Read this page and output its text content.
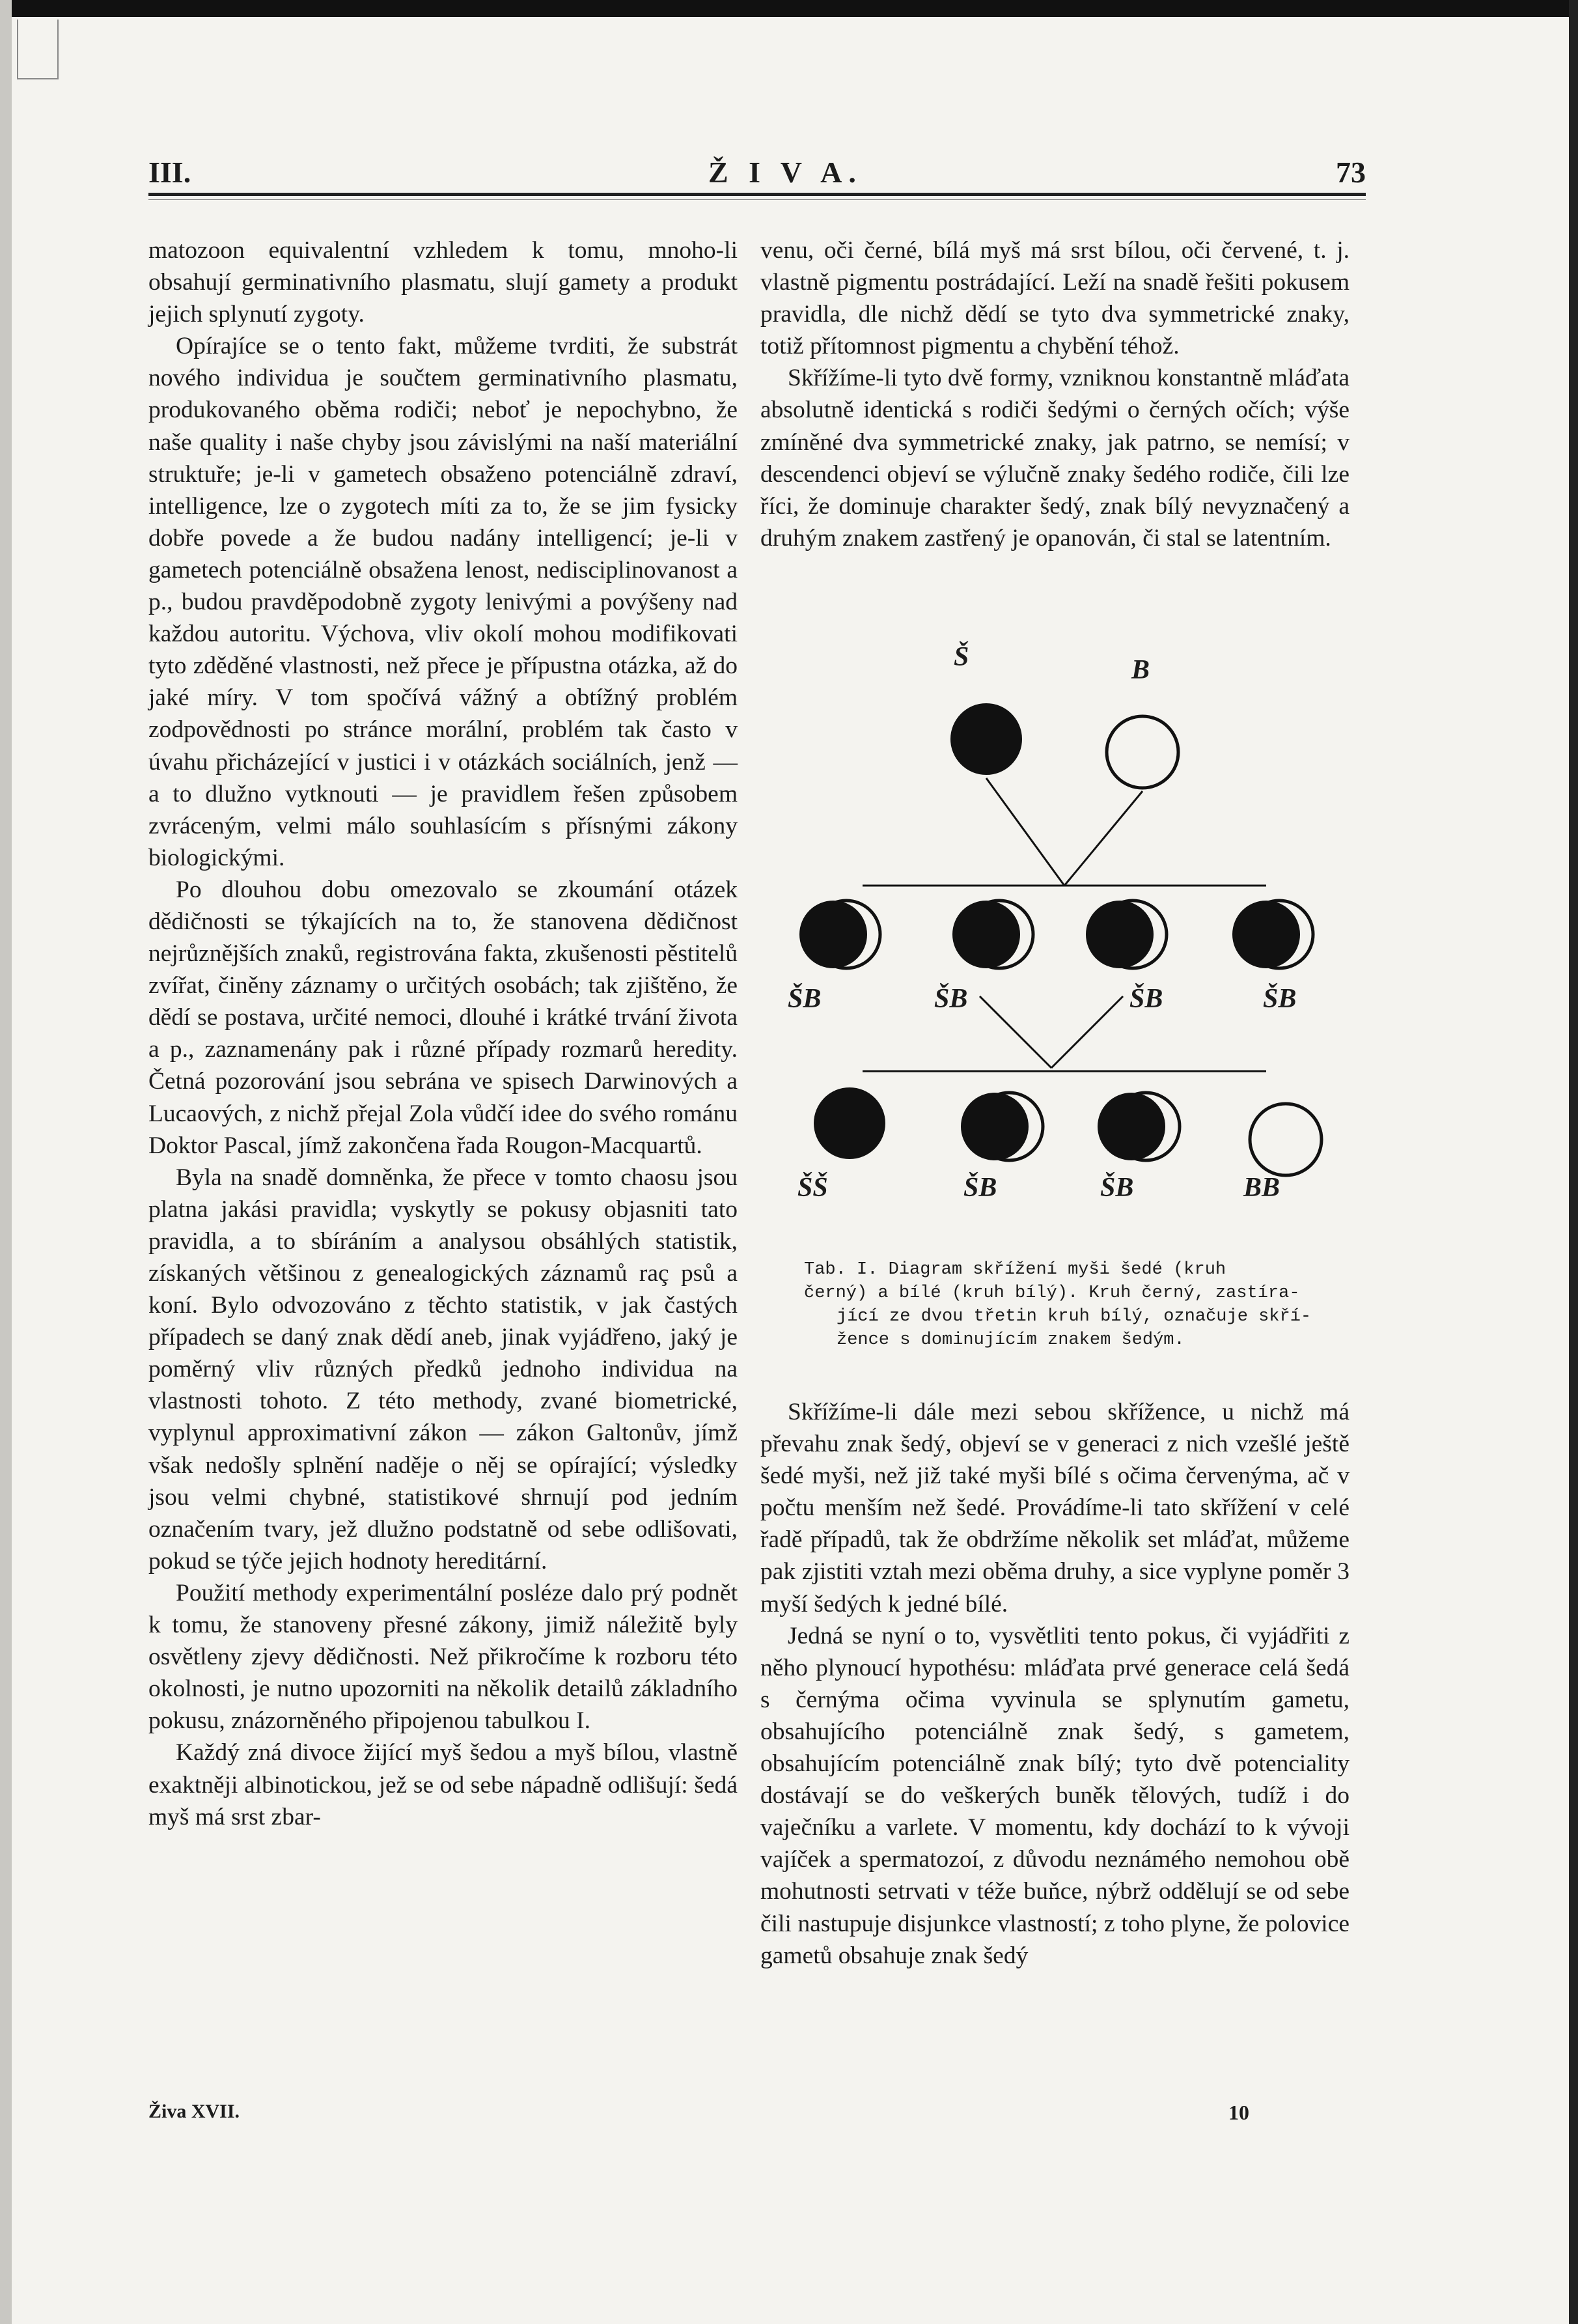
III.	Ž I V A.	73

matozoon equivalentní vzhledem k tomu, mnoho-li obsahují germinativního plasmatu, slují gamety a produkt jejich splynutí zygoty.

Opírajíce se o tento fakt, můžeme tvrditi, že substrát nového individua je součtem germinativního plasmatu, produkovaného oběma rodiči; neboť je nepochybno, že naše quality i naše chyby jsou závislými na naší materiální struktuře; je-li v gametech obsaženo potenciálně zdraví, intelligence, lze o zygotech míti za to, že se jim fysicky dobře povede a že budou nadány intelligencí; je-li v gametech potenciálně obsažena lenost, nedisciplinovanost a p., budou pravděpodobně zygoty lenivými a povýšeny nad každou autoritu. Výchova, vliv okolí mohou modifikovati tyto zděděné vlastnosti, než přece je přípustna otázka, až do jaké míry. V tom spočívá vážný a obtížný problém zodpovědnosti po stránce morální, problém tak často v úvahu přicházející v justici i v otázkách sociálních, jenž — a to dlužno vytknouti — je pravidlem řešen způsobem zvráceným, velmi málo souhlasícím s přísnými zákony biologickými.

Po dlouhou dobu omezovalo se zkoumání otázek dědičnosti se týkajících na to, že stanovena dědičnost nejrůznějších znaků, registrována fakta, zkušenosti pěstitelů zvířat, činěny záznamy o určitých osobách; tak zjištěno, že dědí se postava, určité nemoci, dlouhé i krátké trvání života a p., zaznamenány pak i různé případy rozmarů heredity. Četná pozorování jsou sebrána ve spisech Darwinových a Lucaových, z nichž přejal Zola vůdčí idee do svého románu Doktor Pascal, jímž zakončena řada Rougon-Macquartů.

Byla na snadě domněnka, že přece v tomto chaosu jsou platna jakási pravidla; vyskytly se pokusy objasniti tato pravidla, a to sbíráním a analysou obsáhlých statistik, získaných většinou z genealogických záznamů raç psů a koní. Bylo odvozováno z těchto statistik, v jak častých případech se daný znak dědí aneb, jinak vyjádřeno, jaký je poměrný vliv různých předků jednoho individua na vlastnosti tohoto. Z této methody, zvané biometrické, vyplynul approximativní zákon — zákon Galtonův, jímž však nedošly splnění naděje o něj se opírající; výsledky jsou velmi chybné, statistikové shrnují pod jedním označením tvary, jež dlužno podstatně od sebe odlišovati, pokud se týče jejich hodnoty hereditární.

Použití methody experimentální posléze dalo prý podnět k tomu, že stanoveny přesné zákony, jimiž náležitě byly osvětleny zjevy dědičnosti. Než přikročíme k rozboru této okolnosti, je nutno upozorniti na několik detailů základního pokusu, znázorněného připojenou tabulkou I.

Každý zná divoce žijící myš šedou a myš bílou, vlastně exaktněji albinotickou, jež se od sebe nápadně odlišují: šedá myš má srst zbar-

venu, oči černé, bílá myš má srst bílou, oči červené, t. j. vlastně pigmentu postrádající. Leží na snadě řešiti pokusem pravidla, dle nichž dědí se tyto dva symmetrické znaky, totiž přítomnost pigmentu a chybění téhož.

Skřížíme-li tyto dvě formy, vzniknou konstantně mláďata absolutně identická s rodiči šedými o černých očích; výše zmíněné dva symmetrické znaky, jak patrno, se nemísí; v descendenci objeví se výlučně znaky šedého rodiče, čili lze říci, že dominuje charakter šedý, znak bílý nevyznačený a druhým znakem zastřený je opanován, či stal se latentním.

Skřížíme-li dále mezi sebou skřížence, u nichž má převahu znak šedý, objeví se v generaci z nich vzešlé ještě šedé myši, než již také myši bílé s očima červenýma, ač v počtu menším než šedé. Provádíme-li tato skřížení v celé řadě případů, tak že obdržíme několik set mláďat, můžeme pak zjistiti vztah mezi oběma druhy, a sice vyplyne poměr 3 myší šedých k jedné bílé.

Jedná se nyní o to, vysvětliti tento pokus, či vyjádřiti z něho plynoucí hypothésu: mláďata prvé generace celá šedá s černýma očima vyvinula se splynutím gametu, obsahujícího potenciálně znak šedý, s gametem, obsahujícím potenciálně znak bílý; tyto dvě potenciality dostávají se do veškerých buněk tělových, tudíž i do vaječníku a varlete. V momentu, kdy dochází to k vývoji vajíček a spermatozoí, z důvodu neznámého nemohou obě mohutnosti setrvati v téže buňce, nýbrž oddělují se od sebe čili nastupuje disjunkce vlastností; z toho plyne, že polovice gametů obsahuje znak šedý

Š	B
ŠB	ŠB	ŠB	ŠB
ŠŠ	ŠB	ŠB	BB
Tab. I. Diagram skřížení myši šedé (kruh
černý) a bílé (kruh bílý). Kruh černý, zastíra-
jící ze dvou třetin kruh bílý, označuje skří-
žence s dominujícím znakem šedým.
Živa XVII.	10
